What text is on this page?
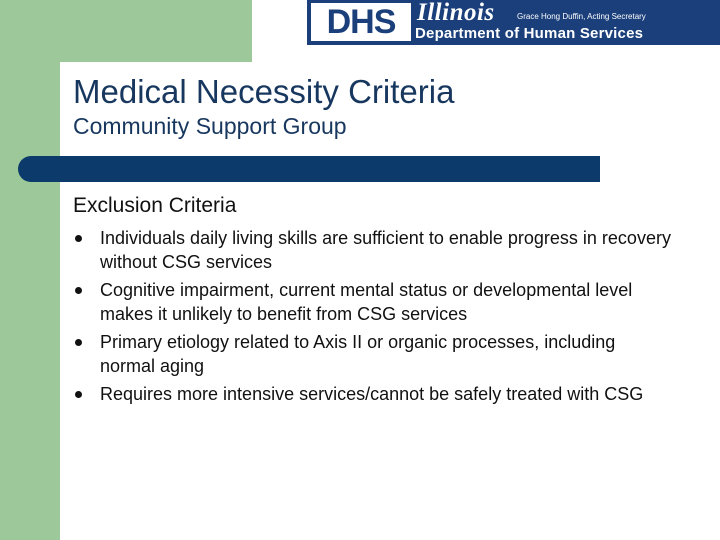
DHS Illinois	Grace Hong Duffin, Acting Secretary
Department of Human Services
Medical Necessity Criteria
Community Support Group
Exclusion Criteria
Individuals daily living skills are sufficient to enable progress in recovery without CSG services
Cognitive impairment, current mental status or developmental level makes it unlikely to benefit from CSG services
Primary etiology related to Axis II or organic processes, including normal aging
Requires more intensive services/cannot be safely treated with CSG
